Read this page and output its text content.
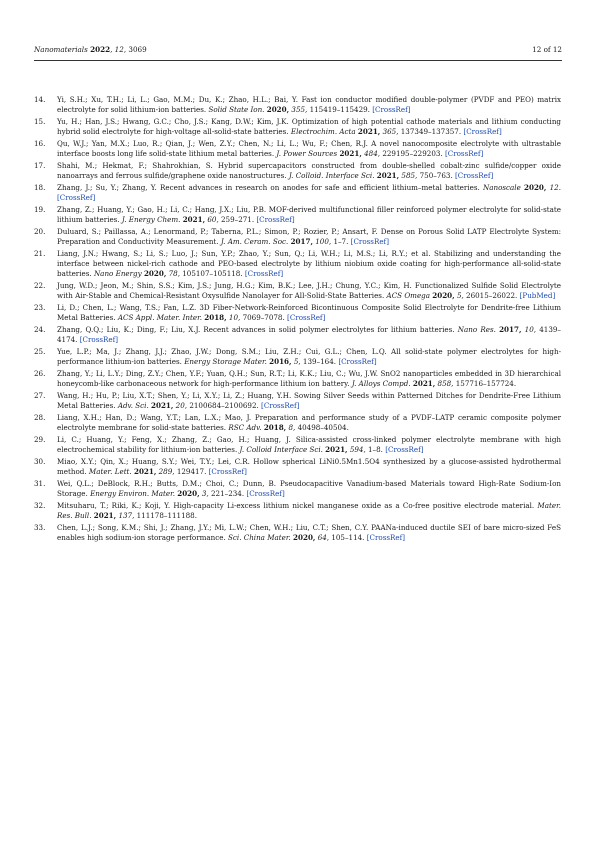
Nanomaterials 2022, 12, 3069	12 of 12
14.	Yi, S.H.; Xu, T.H.; Li, L.; Gao, M.M.; Du, K.; Zhao, H.L.; Bai, Y. Fast ion conductor modified double-polymer (PVDF and PEO) matrix electrolyte for solid lithium-ion batteries. Solid State Ion. 2020, 355, 115419–115429. [CrossRef]
15.	Yu, H.; Han, J.S.; Hwang, G.C.; Cho, J.S.; Kang, D.W.; Kim, J.K. Optimization of high potential cathode materials and lithium conducting hybrid solid electrolyte for high-voltage all-solid-state batteries. Electrochim. Acta 2021, 365, 137349–137357. [CrossRef]
16.	Qu, W.J.; Yan, M.X.; Luo, R.; Qian, J.; Wen, Z.Y.; Chen, N.; Li, L.; Wu, F.; Chen, R.J. A novel nanocomposite electrolyte with ultrastable interface boosts long life solid-state lithium metal batteries. J. Power Sources 2021, 484, 229195–229203. [CrossRef]
17.	Shahi, M.; Hekmat, F.; Shahrokhian, S. Hybrid supercapacitors constructed from double-shelled cobalt-zinc sulfide/copper oxide nanoarrays and ferrous sulfide/graphene oxide nanostructures. J. Colloid. Interface Sci. 2021, 585, 750–763. [CrossRef]
18.	Zhang, J.; Su, Y.; Zhang, Y. Recent advances in research on anodes for safe and efficient lithium–metal batteries. Nanoscale 2020, 12. [CrossRef]
19.	Zhang, Z.; Huang, Y.; Gao, H.; Li, C.; Hang, J.X.; Liu, P.B. MOF-derived multifunctional filler reinforced polymer electrolyte for solid-state lithium batteries. J. Energy Chem. 2021, 60, 259–271. [CrossRef]
20.	Duluard, S.; Paillassa, A.; Lenormand, P.; Taberna, P.L.; Simon, P.; Rozier, P.; Ansart, F. Dense on Porous Solid LATP Electrolyte System: Preparation and Conductivity Measurement. J. Am. Ceram. Soc. 2017, 100, 1–7. [CrossRef]
21.	Liang, J.N.; Hwang, S.; Li, S.; Luo, J.; Sun, Y.P.; Zhao, Y.; Sun, Q.; Li, W.H.; Li, M.S.; Li, R.Y.; et al. Stabilizing and understanding the interface between nickel-rich cathode and PEO-based electrolyte by lithium niobium oxide coating for high-performance all-solid-state batteries. Nano Energy 2020, 78, 105107–105118. [CrossRef]
22.	Jung, W.D.; Jeon, M.; Shin, S.S.; Kim, J.S.; Jung, H.G.; Kim, B.K.; Lee, J.H.; Chung, Y.C.; Kim, H. Functionalized Sulfide Solid Electrolyte with Air-Stable and Chemical-Resistant Oxysulfide Nanolayer for All-Solid-State Batteries. ACS Omega 2020, 5, 26015–26022. [PubMed]
23.	Li, D.; Chen, L.; Wang, T.S.; Fan, L.Z. 3D Fiber-Network-Reinforced Bicontinuous Composite Solid Electrolyte for Dendrite-free Lithium Metal Batteries. ACS Appl. Mater. Inter. 2018, 10, 7069–7078. [CrossRef]
24.	Zhang, Q.Q.; Liu, K.; Ding, F.; Liu, X.J. Recent advances in solid polymer electrolytes for lithium batteries. Nano Res. 2017, 10, 4139–4174. [CrossRef]
25.	Yue, L.P.; Ma, J.; Zhang, J.J.; Zhao, J.W.; Dong, S.M.; Liu, Z.H.; Cui, G.L.; Chen, L.Q. All solid-state polymer electrolytes for high-performance lithium-ion batteries. Energy Storage Mater. 2016, 5, 139–164. [CrossRef]
26.	Zhang, Y.; Li, L.Y.; Ding, Z.Y.; Chen, Y.F.; Yuan, Q.H.; Sun, R.T.; Li, K.K.; Liu, C.; Wu, J.W. SnO2 nanoparticles embedded in 3D hierarchical honeycomb-like carbonaceous network for high-performance lithium ion battery. J. Alloys Compd. 2021, 858, 157716–157724.
27.	Wang, H.; Hu, P.; Liu, X.T.; Shen, Y.; Li, X.Y.; Li, Z.; Huang, Y.H. Sowing Silver Seeds within Patterned Ditches for Dendrite-Free Lithium Metal Batteries. Adv. Sci. 2021, 20, 2100684–2100692. [CrossRef]
28.	Liang, X.H.; Han, D.; Wang, Y.T.; Lan, L.X.; Mao, J. Preparation and performance study of a PVDF–LATP ceramic composite polymer electrolyte membrane for solid-state batteries. RSC Adv. 2018, 8, 40498–40504.
29.	Li, C.; Huang, Y.; Feng, X.; Zhang, Z.; Gao, H.; Huang, J. Silica-assisted cross-linked polymer electrolyte membrane with high electrochemical stability for lithium-ion batteries. J. Colloid Interface Sci. 2021, 594, 1–8. [CrossRef]
30.	Miao, X.Y.; Qin, X.; Huang, S.Y.; Wei, T.Y.; Lei, C.R. Hollow spherical LiNi0.5Mn1.5O4 synthesized by a glucose-assisted hydrothermal method. Mater. Lett. 2021, 289, 129417. [CrossRef]
31.	Wei, Q.L.; DeBlock, R.H.; Butts, D.M.; Choi, C.; Dunn, B. Pseudocapacitive Vanadium-based Materials toward High-Rate Sodium-Ion Storage. Energy Environ. Mater. 2020, 3, 221–234. [CrossRef]
32.	Mitsuharu, T.; Riki, K.; Koji, Y. High-capacity Li-excess lithium nickel manganese oxide as a Co-free positive electrode material. Mater. Res. Bull. 2021, 137, 111178–111188.
33.	Chen, L.J.; Song, K.M.; Shi, J.; Zhang, J.Y.; Mi, L.W.; Chen, W.H.; Liu, C.T.; Shen, C.Y. PAANa-induced ductile SEI of bare micro-sized FeS enables high sodium-ion storage performance. Sci. China Mater. 2020, 64, 105–114. [CrossRef]
